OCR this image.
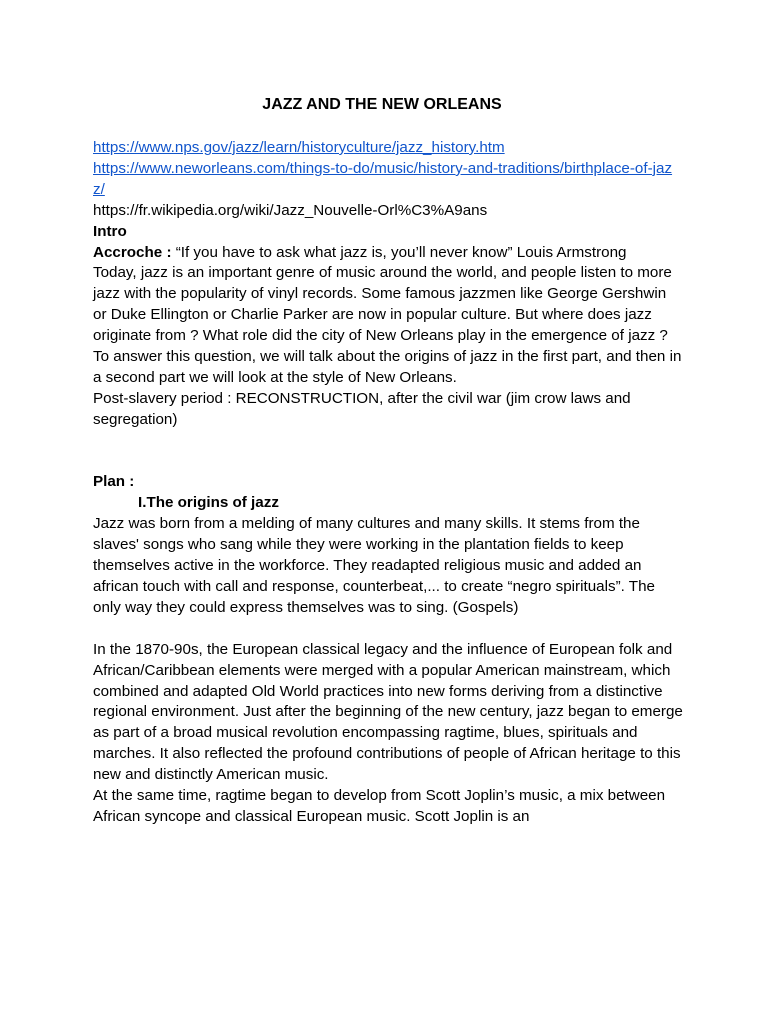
JAZZ AND THE NEW ORLEANS
https://www.nps.gov/jazz/learn/historyculture/jazz_history.htm
https://www.neworleans.com/things-to-do/music/history-and-traditions/birthplace-of-jazz/
https://fr.wikipedia.org/wiki/Jazz_Nouvelle-Orl%C3%A9ans

Intro

Accroche : “If you have to ask what jazz is, you’ll never know” Louis Armstrong

Today, jazz is an important genre of music around the world, and people listen to more jazz with the popularity of vinyl records. Some famous jazzmen like George Gershwin or Duke Ellington or Charlie Parker are now in popular culture. But where does jazz originate from ? What role did the city of New Orleans play in the emergence of jazz ? To answer this question, we will talk about the origins of jazz in the first part, and then in a second part we will look at the style of New Orleans.

Post-slavery period : RECONSTRUCTION, after the civil war (jim crow laws and segregation)

Plan :

I.The origins of jazz

Jazz was born from a melding of many cultures and many skills. It stems from the slaves' songs who sang while they were working in the plantation fields to keep themselves active in the workforce. They readapted religious music and added an african touch with call and response, counterbeat,... to create “negro spirituals”. The only way they could express themselves was to sing. (Gospels)

In the 1870-90s, the European classical legacy and the influence of European folk and African/Caribbean elements were merged with a popular American mainstream, which combined and adapted Old World practices into new forms deriving from a distinctive regional environment. Just after the beginning of the new century, jazz began to emerge as part of a broad musical revolution encompassing ragtime, blues, spirituals and marches. It also reflected the profound contributions of people of African heritage to this new and distinctly American music.

At the same time, ragtime began to develop from Scott Joplin’s music, a mix between African syncope and classical European music. Scott Joplin is an
